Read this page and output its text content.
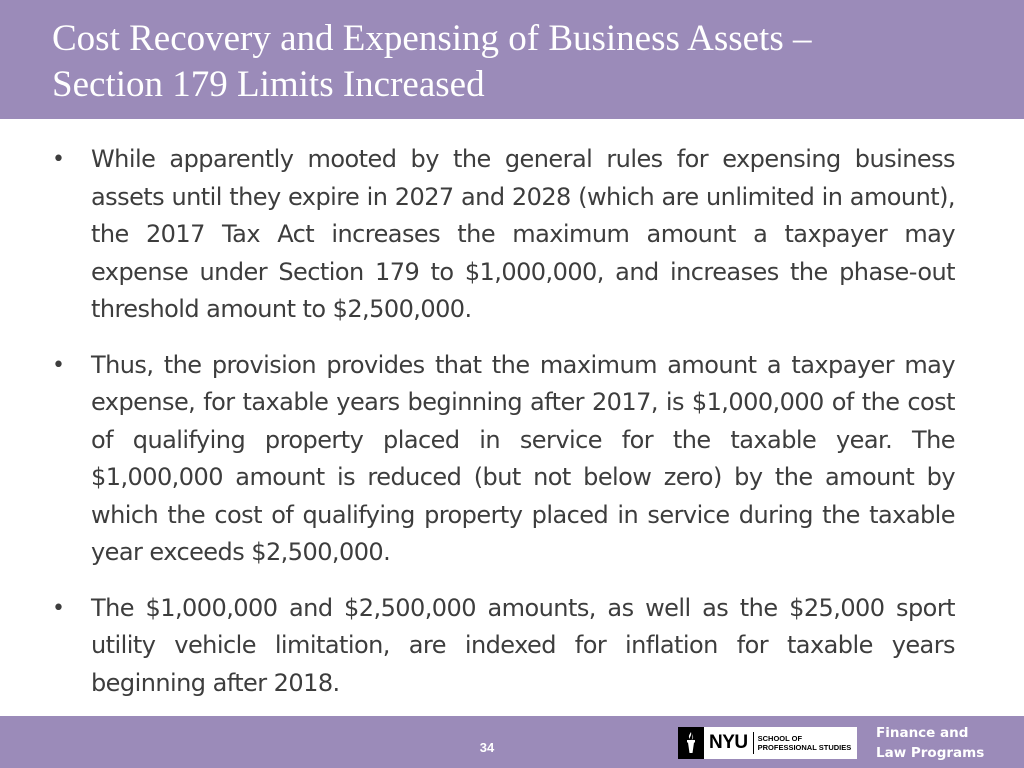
Cost Recovery and Expensing of Business Assets –
Section 179 Limits Increased
• While apparently mooted by the general rules for expensing business assets until they expire in 2027 and 2028 (which are unlimited in amount), the 2017 Tax Act increases the maximum amount a taxpayer may expense under Section 179 to $1,000,000, and increases the phase-out threshold amount to $2,500,000.
• Thus, the provision provides that the maximum amount a taxpayer may expense, for taxable years beginning after 2017, is $1,000,000 of the cost of qualifying property placed in service for the taxable year. The $1,000,000 amount is reduced (but not below zero) by the amount by which the cost of qualifying property placed in service during the taxable year exceeds $2,500,000.
• The $1,000,000 and $2,500,000 amounts, as well as the $25,000 sport utility vehicle limitation, are indexed for inflation for taxable years beginning after 2018.
34	NYU	SCHOOL OF
PROFESSIONAL STUDIES
Finance and
Law Programs
